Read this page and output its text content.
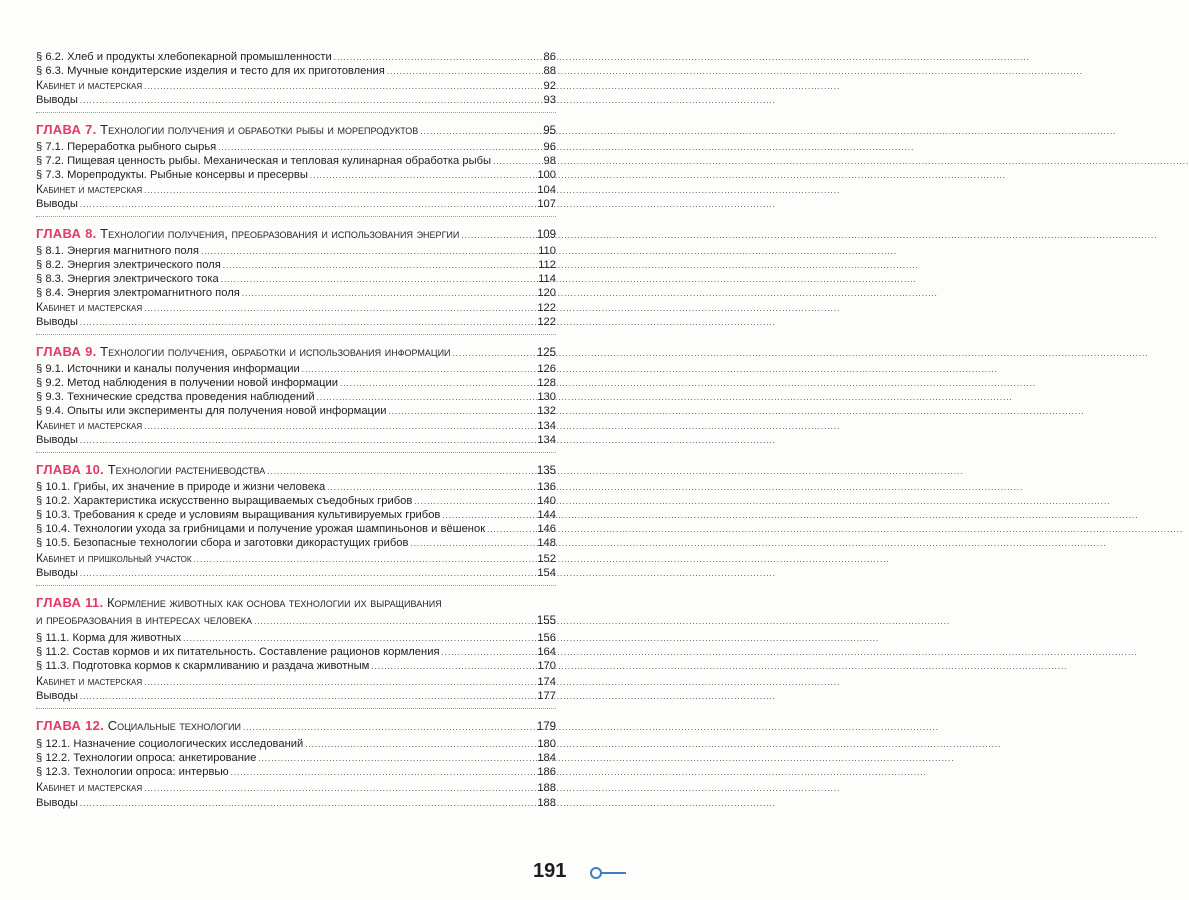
§ 6.2. Хлеб и продукты хлебопекарной промышленности .....	86
§ 6.3. Мучные кондитерские изделия и тесто для их приготовления .....	88
Кабинет и мастерская .....	92
Выводы .....	93
ГЛАВА 7. Технологии получения и обработки рыбы и морепродуктов .....	95
§ 7.1. Переработка рыбного сырья .....	96
§ 7.2. Пищевая ценность рыбы. Механическая и тепловая кулинарная обработка рыбы .....	98
§ 7.3. Морепродукты. Рыбные консервы и пресервы .....	100
Кабинет и мастерская .....	104
Выводы .....	107
ГЛАВА 8. Технологии получения, преобразования и использования энергии .....	109
§ 8.1. Энергия магнитного поля .....	110
§ 8.2. Энергия электрического поля .....	112
§ 8.3. Энергия электрического тока .....	114
§ 8.4. Энергия электромагнитного поля .....	120
Кабинет и мастерская .....	122
Выводы .....	122
ГЛАВА 9. Технологии получения, обработки и использования информации .....	125
§ 9.1. Источники и каналы получения информации .....	126
§ 9.2. Метод наблюдения в получении новой информации .....	128
§ 9.3. Технические средства проведения наблюдений .....	130
§ 9.4. Опыты или эксперименты для получения новой информации .....	132
Кабинет и мастерская .....	134
Выводы .....	134
ГЛАВА 10. Технологии растениеводства .....	135
§ 10.1. Грибы, их значение в природе и жизни человека .....	136
§ 10.2. Характеристика искусственно выращиваемых съедобных грибов .....	140
§ 10.3. Требования к среде и условиям выращивания культивируемых грибов .....	144
§ 10.4. Технологии ухода за грибницами и получение урожая шампиньонов и вёшенок .....	146
§ 10.5. Безопасные технологии сбора и заготовки дикорастущих грибов .....	148
Кабинет и пришкольный участок .....	152
Выводы .....	154
ГЛАВА 11. Кормление животных как основа технологии их выращивания
и преобразования в интересах человека .....	155
§ 11.1. Корма для животных .....	156
§ 11.2. Состав кормов и их питательность. Составление рационов кормления .....	164
§ 11.3. Подготовка кормов к скармливанию и раздача животным .....	170
Кабинет и мастерская .....	174
Выводы .....	177
ГЛАВА 12. Социальные технологии .....	179
§ 12.1. Назначение социологических исследований .....	180
§ 12.2. Технологии опроса: анкетирование .....	184
§ 12.3. Технологии опроса: интервью .....	186
Кабинет и мастерская .....	188
Выводы .....	188
191
